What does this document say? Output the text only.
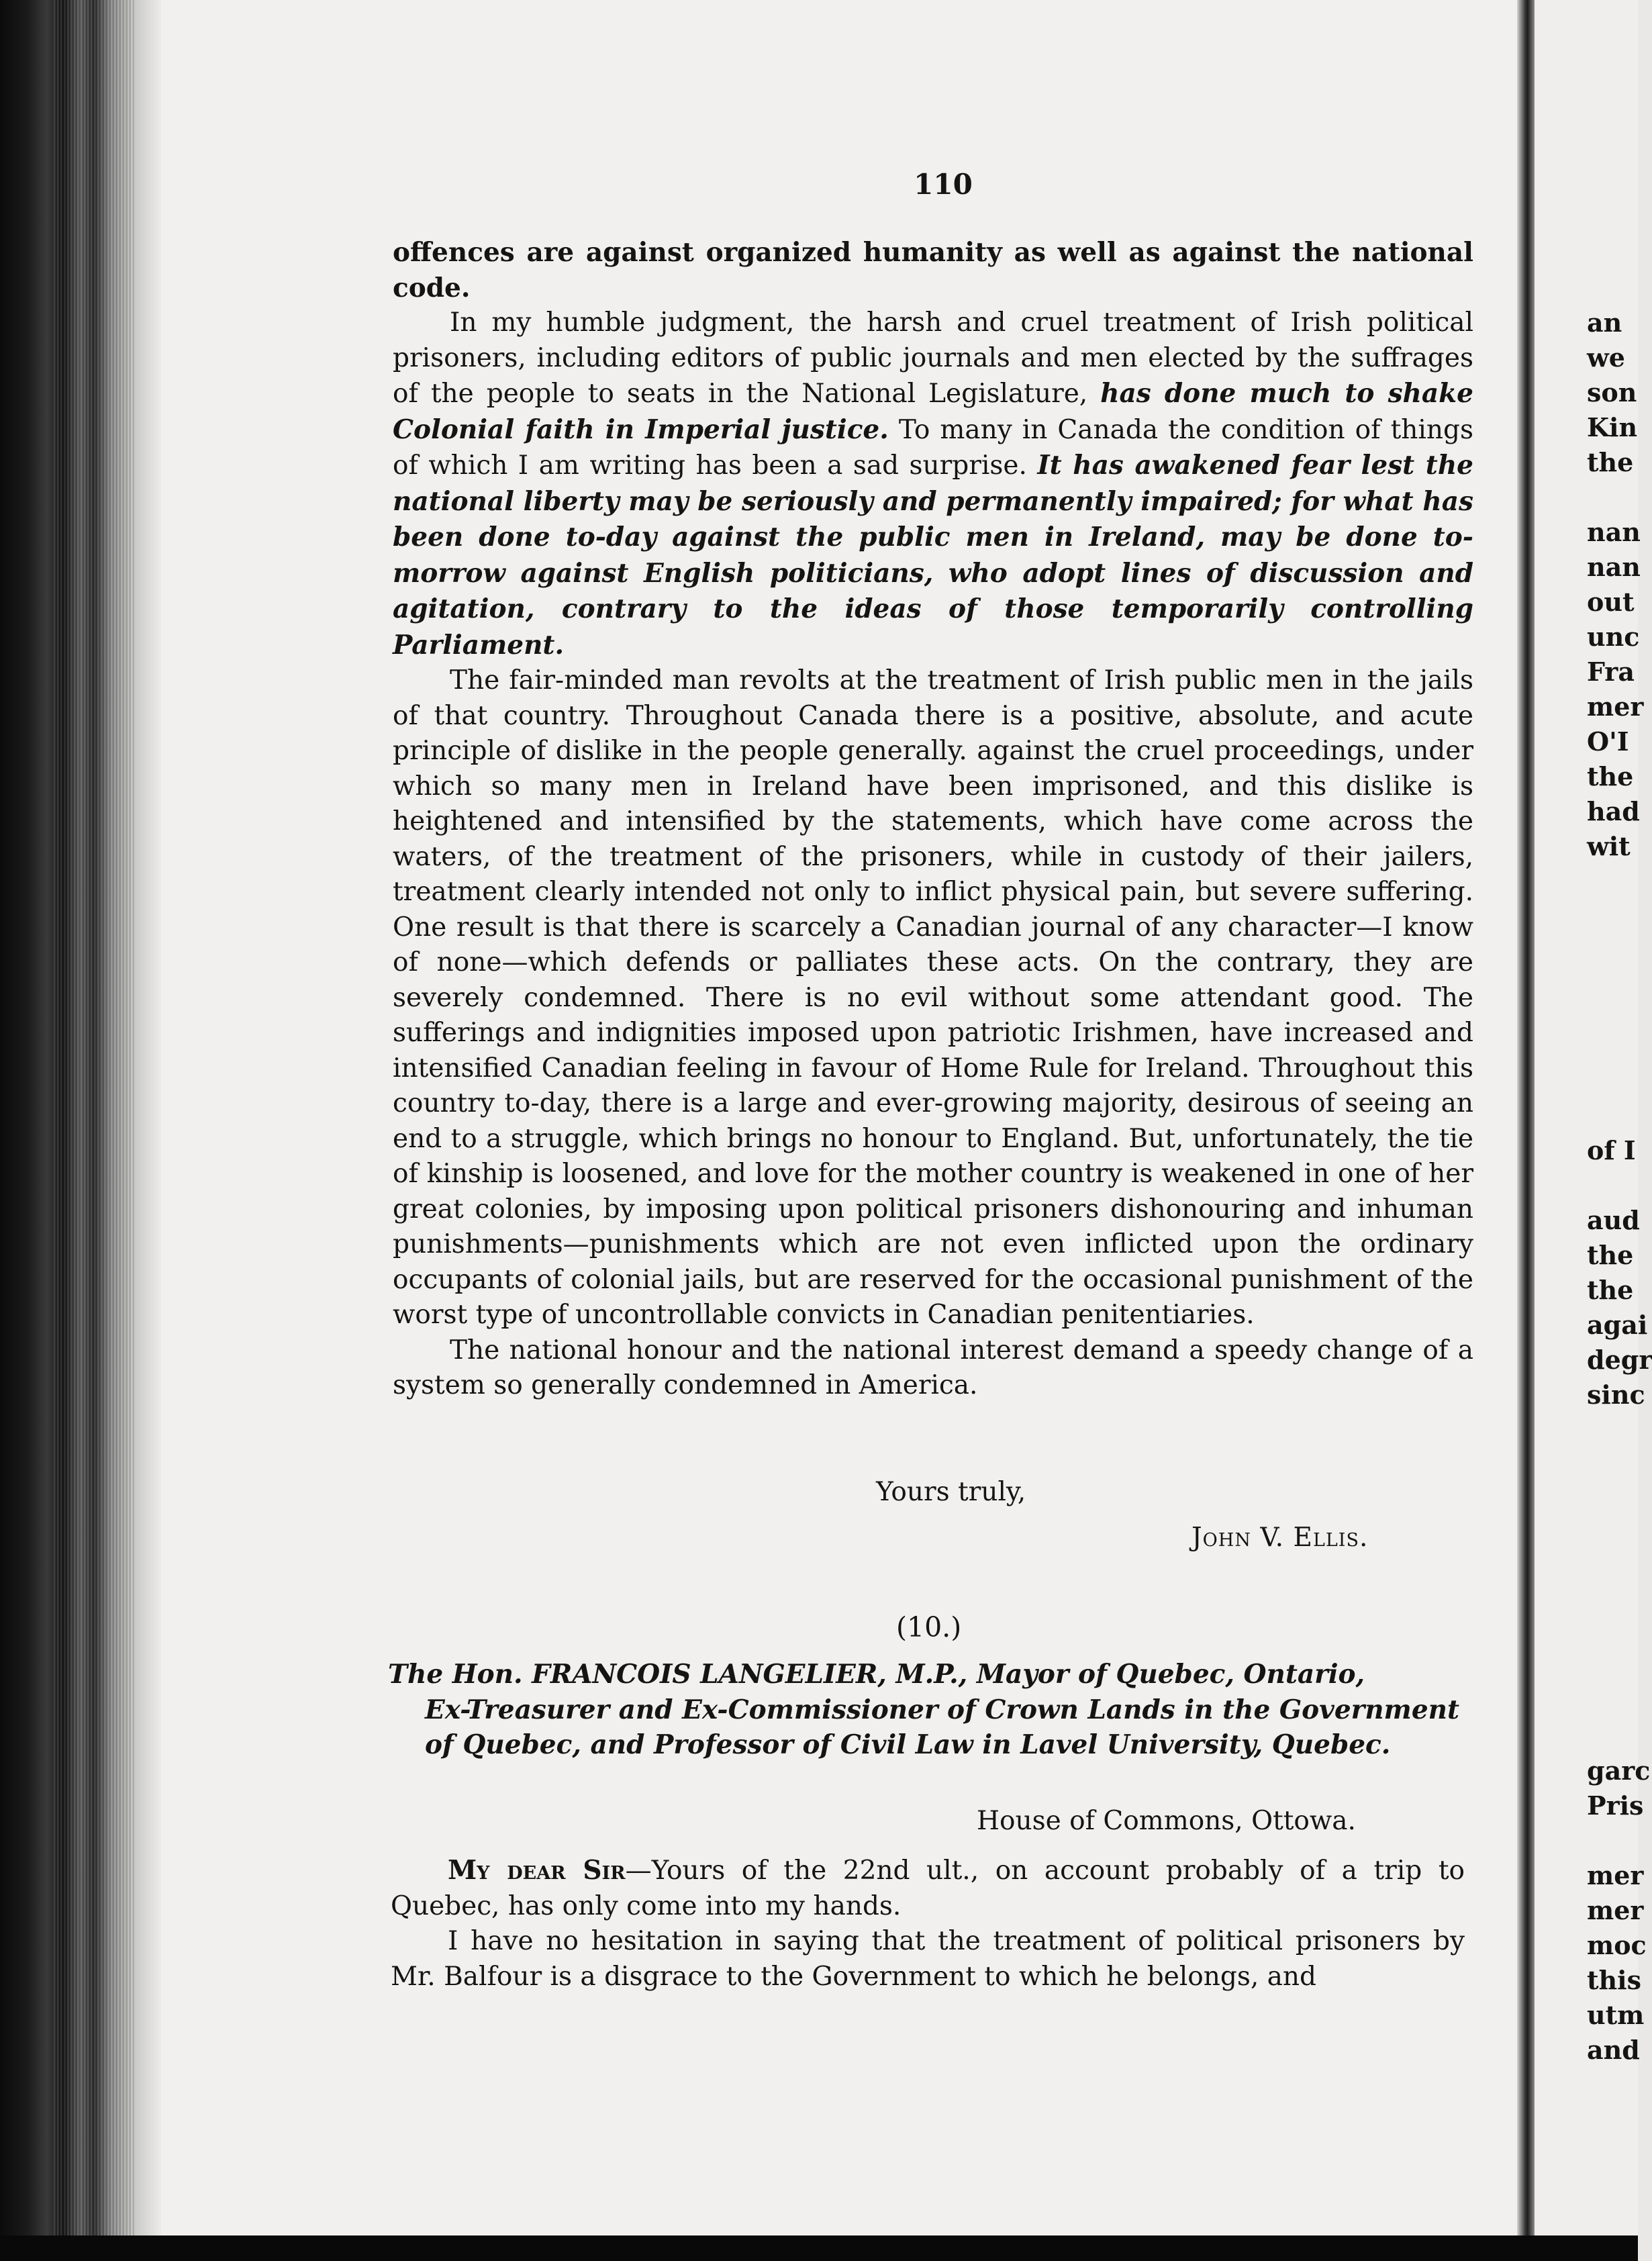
110

offences are against organized humanity as well as against the national code.

In my humble judgment, the harsh and cruel treatment of Irish political prisoners, including editors of public journals and men elected by the suffrages of the people to seats in the National Legislature, has done much to shake Colonial faith in Imperial justice. To many in Canada the condition of things of which I am writing has been a sad surprise. It has awakened fear lest the national liberty may be seriously and permanently impaired; for what has been done to-day against the public men in Ireland, may be done to-morrow against English politicians, who adopt lines of discussion and agitation, contrary to the ideas of those temporarily controlling Parliament.

The fair-minded man revolts at the treatment of Irish public men in the jails of that country. Throughout Canada there is a positive, absolute, and acute principle of dislike in the people generally. against the cruel proceedings, under which so many men in Ireland have been imprisoned, and this dislike is heightened and intensified by the statements, which have come across the waters, of the treatment of the prisoners, while in custody of their jailers, treatment clearly intended not only to inflict physical pain, but severe suffering. One result is that there is scarcely a Canadian journal of any character—I know of none—which defends or palliates these acts. On the contrary, they are severely condemned. There is no evil without some attendant good. The sufferings and indignities imposed upon patriotic Irishmen, have increased and intensified Canadian feeling in favour of Home Rule for Ireland. Throughout this country to-day, there is a large and ever-growing majority, desirous of seeing an end to a struggle, which brings no honour to England. But, unfortunately, the tie of kinship is loosened, and love for the mother country is weakened in one of her great colonies, by imposing upon political prisoners dishonouring and inhuman punishments—punishments which are not even inflicted upon the ordinary occupants of colonial jails, but are reserved for the occasional punishment of the worst type of uncontrollable convicts in Canadian penitentiaries.

The national honour and the national interest demand a speedy change of a system so generally condemned in America.

Yours truly,
John V. Ellis.
(10.)
The Hon. FRANCOIS LANGELIER, M.P., Mayor of Quebec, Ontario,
Ex-Treasurer and Ex-Commissioner of Crown Lands in the Government
of Quebec, and Professor of Civil Law in Lavel University, Quebec.
House of Commons, Ottowa.

My dear Sir—Yours of the 22nd ult., on account probably of a trip to Quebec, has only come into my hands.

I have no hesitation in saying that the treatment of political prisoners by Mr. Balfour is a disgrace to the Government to which he belongs, and

an
we
son
Kin
the
nan
nan
out
unc
Fra
mer
O'I
the
had
wit
of I
aud
the
the
agai
degr
sinc
garc
Pris
mer
mer
moc
this
utm
and
